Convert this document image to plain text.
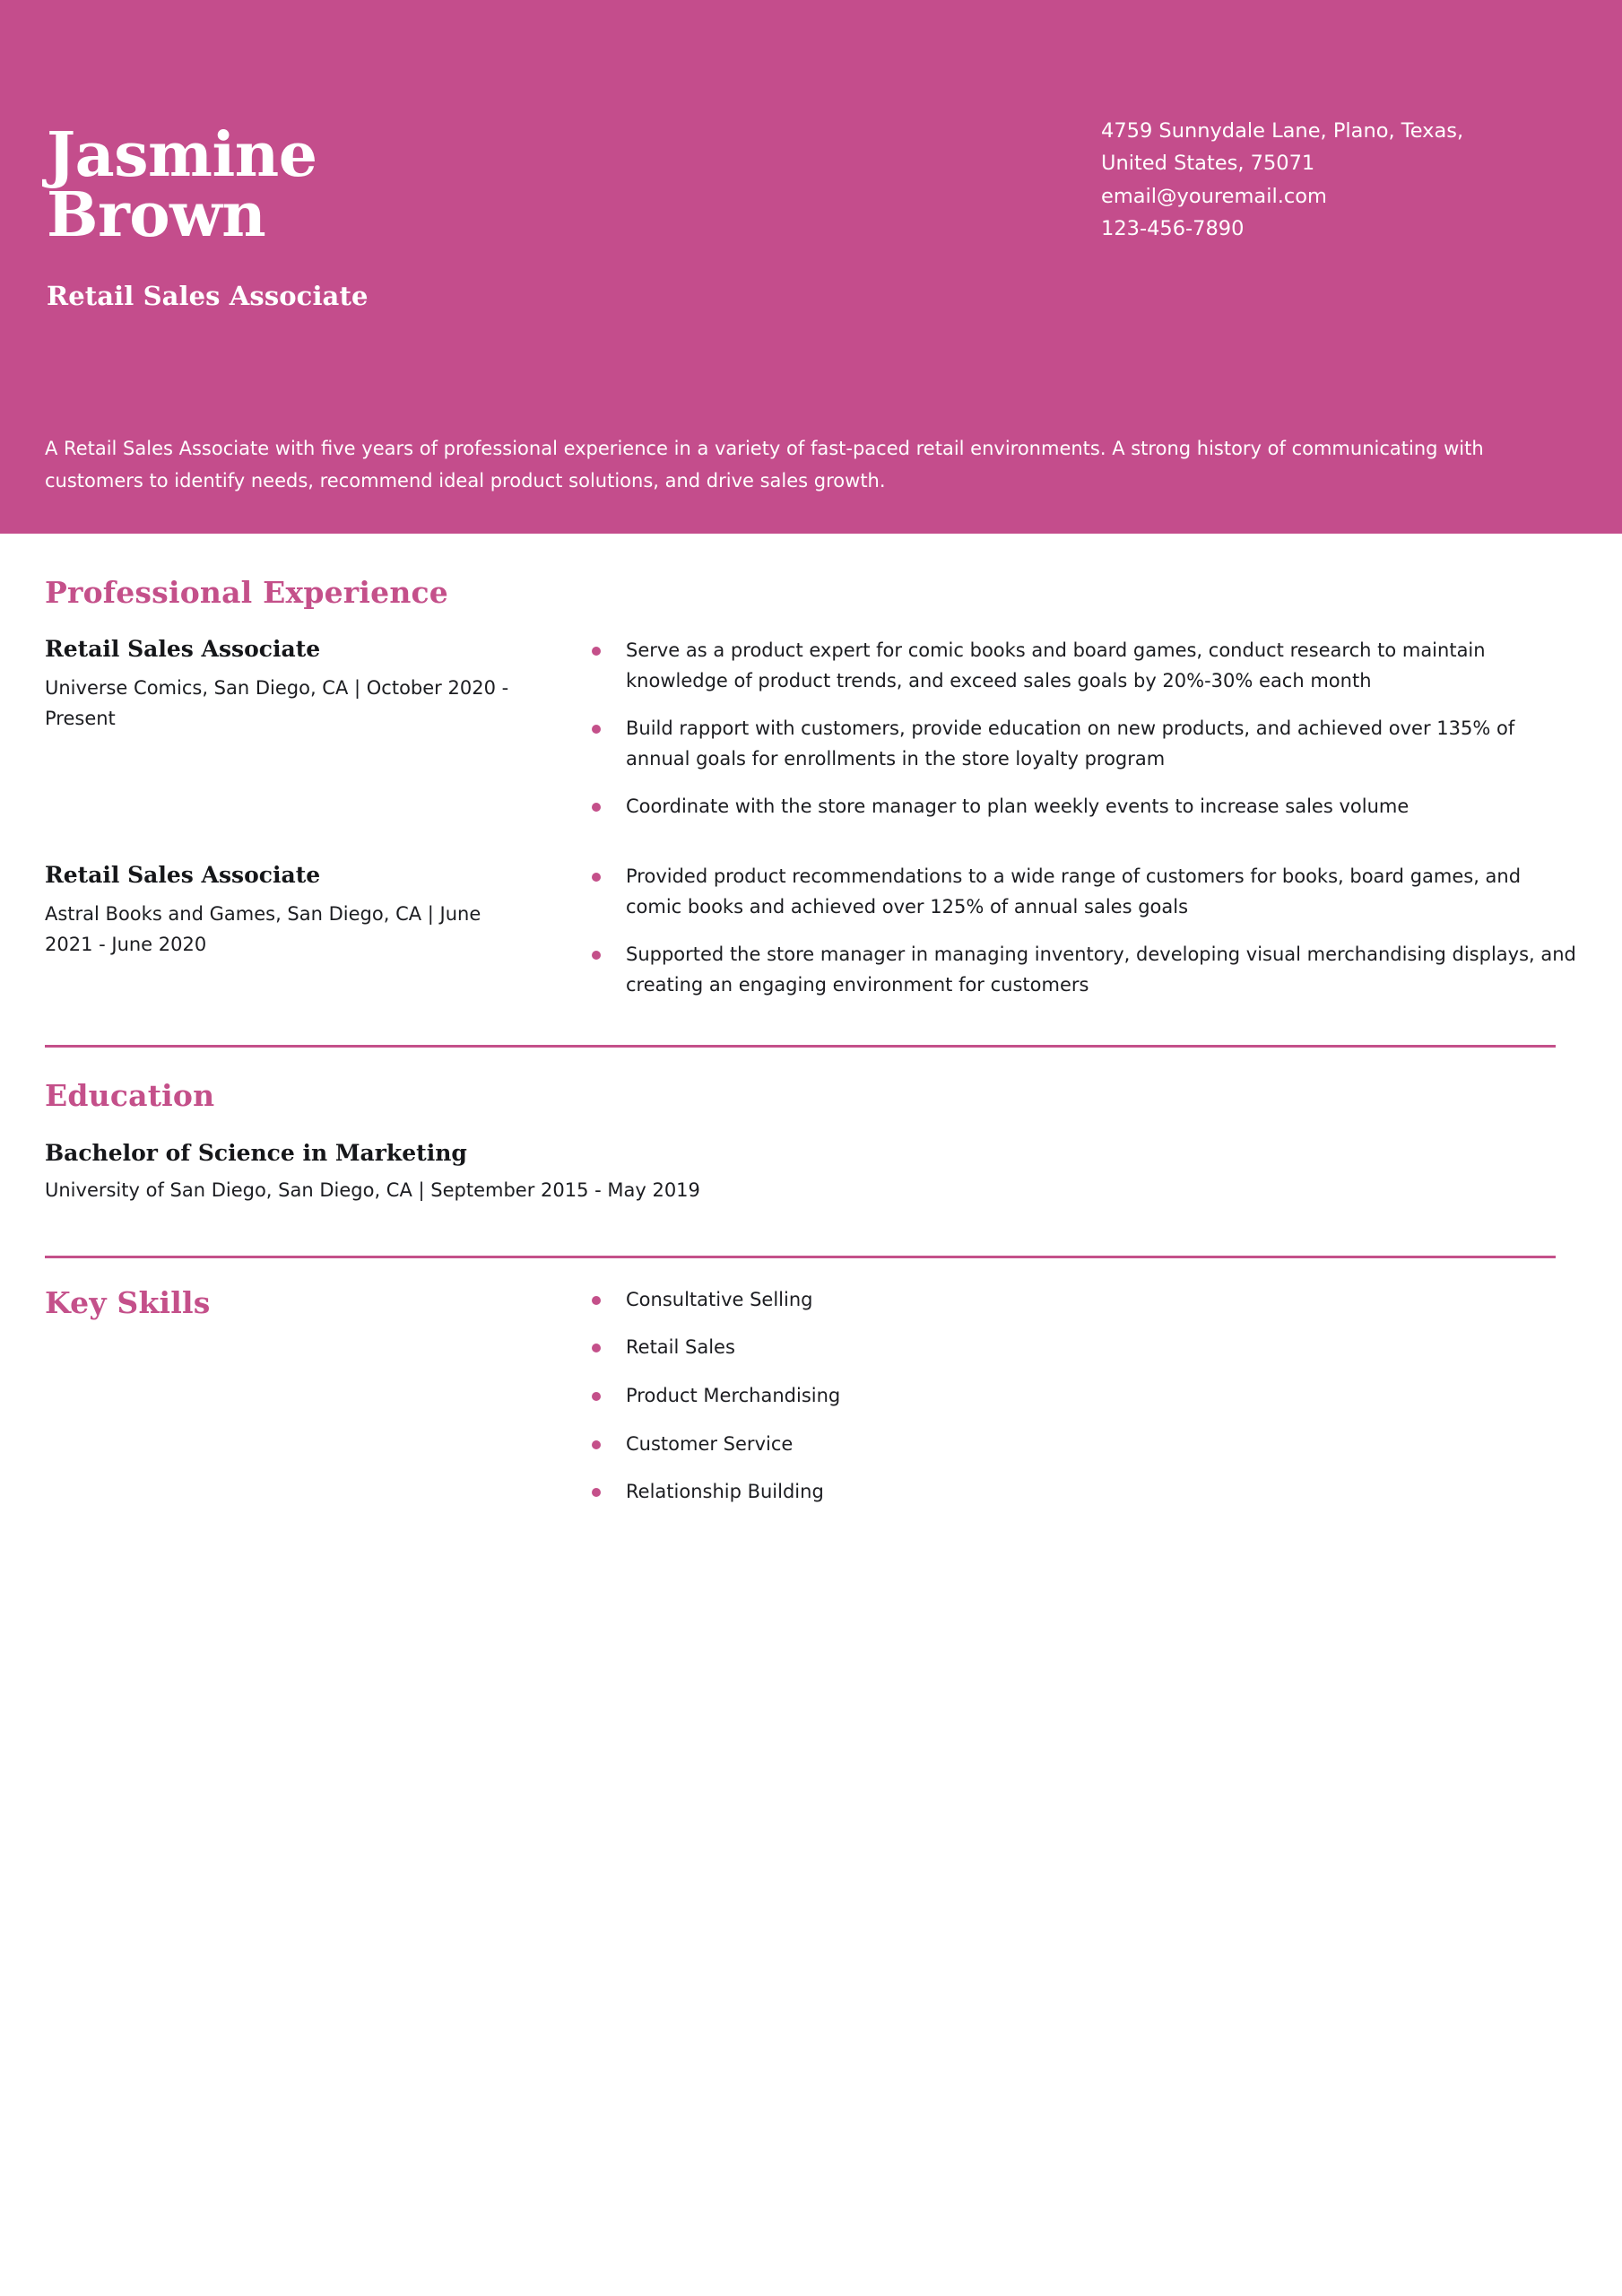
Jasmine
Brown
Retail Sales Associate
4759 Sunnydale Lane, Plano, Texas,
United States, 75071
email@youremail.com
123-456-7890
A Retail Sales Associate with five years of professional experience in a variety of fast-paced retail environments. A strong history of communicating with customers to identify needs, recommend ideal product solutions, and drive sales growth.
Professional Experience
Retail Sales Associate
Universe Comics, San Diego, CA | October 2020 - Present
Serve as a product expert for comic books and board games, conduct research to maintain knowledge of product trends, and exceed sales goals by 20%-30% each month
Build rapport with customers, provide education on new products, and achieved over 135% of annual goals for enrollments in the store loyalty program
Coordinate with the store manager to plan weekly events to increase sales volume
Retail Sales Associate
Astral Books and Games, San Diego, CA | June 2021 - June 2020
Provided product recommendations to a wide range of customers for books, board games, and comic books and achieved over 125% of annual sales goals
Supported the store manager in managing inventory, developing visual merchandising displays, and creating an engaging environment for customers
Education
Bachelor of Science in Marketing
University of San Diego, San Diego, CA | September 2015 - May 2019
Key Skills	Consultative Selling
Retail Sales
Product Merchandising
Customer Service
Relationship Building
